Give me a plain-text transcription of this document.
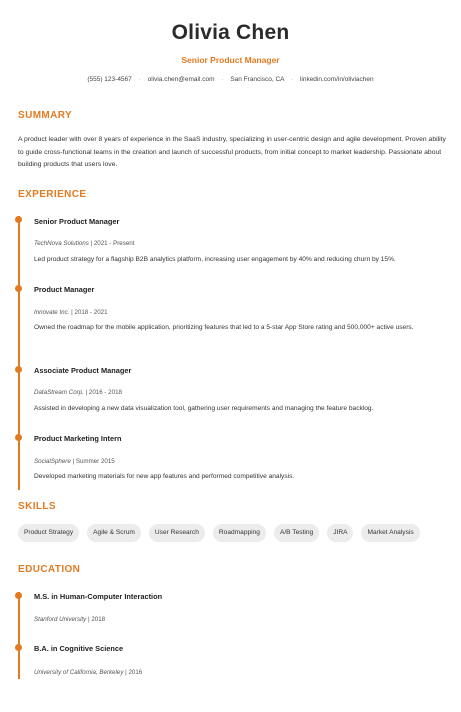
Olivia Chen
Senior Product Manager
(555) 123-4567 · olivia.chen@email.com · San Francisco, CA · linkedin.com/in/oliviachen
SUMMARY
A product leader with over 8 years of experience in the SaaS industry, specializing in user-centric design and agile development. Proven ability to guide cross-functional teams in the creation and launch of successful products, from initial concept to market leadership. Passionate about building products that users love.
EXPERIENCE
Senior Product Manager
TechNova Solutions | 2021 - Present
Led product strategy for a flagship B2B analytics platform, increasing user engagement by 40% and reducing churn by 15%.
Product Manager
Innovate Inc. | 2018 - 2021
Owned the roadmap for the mobile application, prioritizing features that led to a 5-star App Store rating and 500,000+ active users.
Associate Product Manager
DataStream Corp. | 2016 - 2018
Assisted in developing a new data visualization tool, gathering user requirements and managing the feature backlog.
Product Marketing Intern
SocialSphere | Summer 2015
Developed marketing materials for new app features and performed competitive analysis.
SKILLS
Product Strategy	Agile & Scrum	User Research	Roadmapping	A/B Testing	JIRA	Market Analysis
EDUCATION
M.S. in Human-Computer Interaction
Stanford University | 2018
B.A. in Cognitive Science
University of California, Berkeley | 2016
